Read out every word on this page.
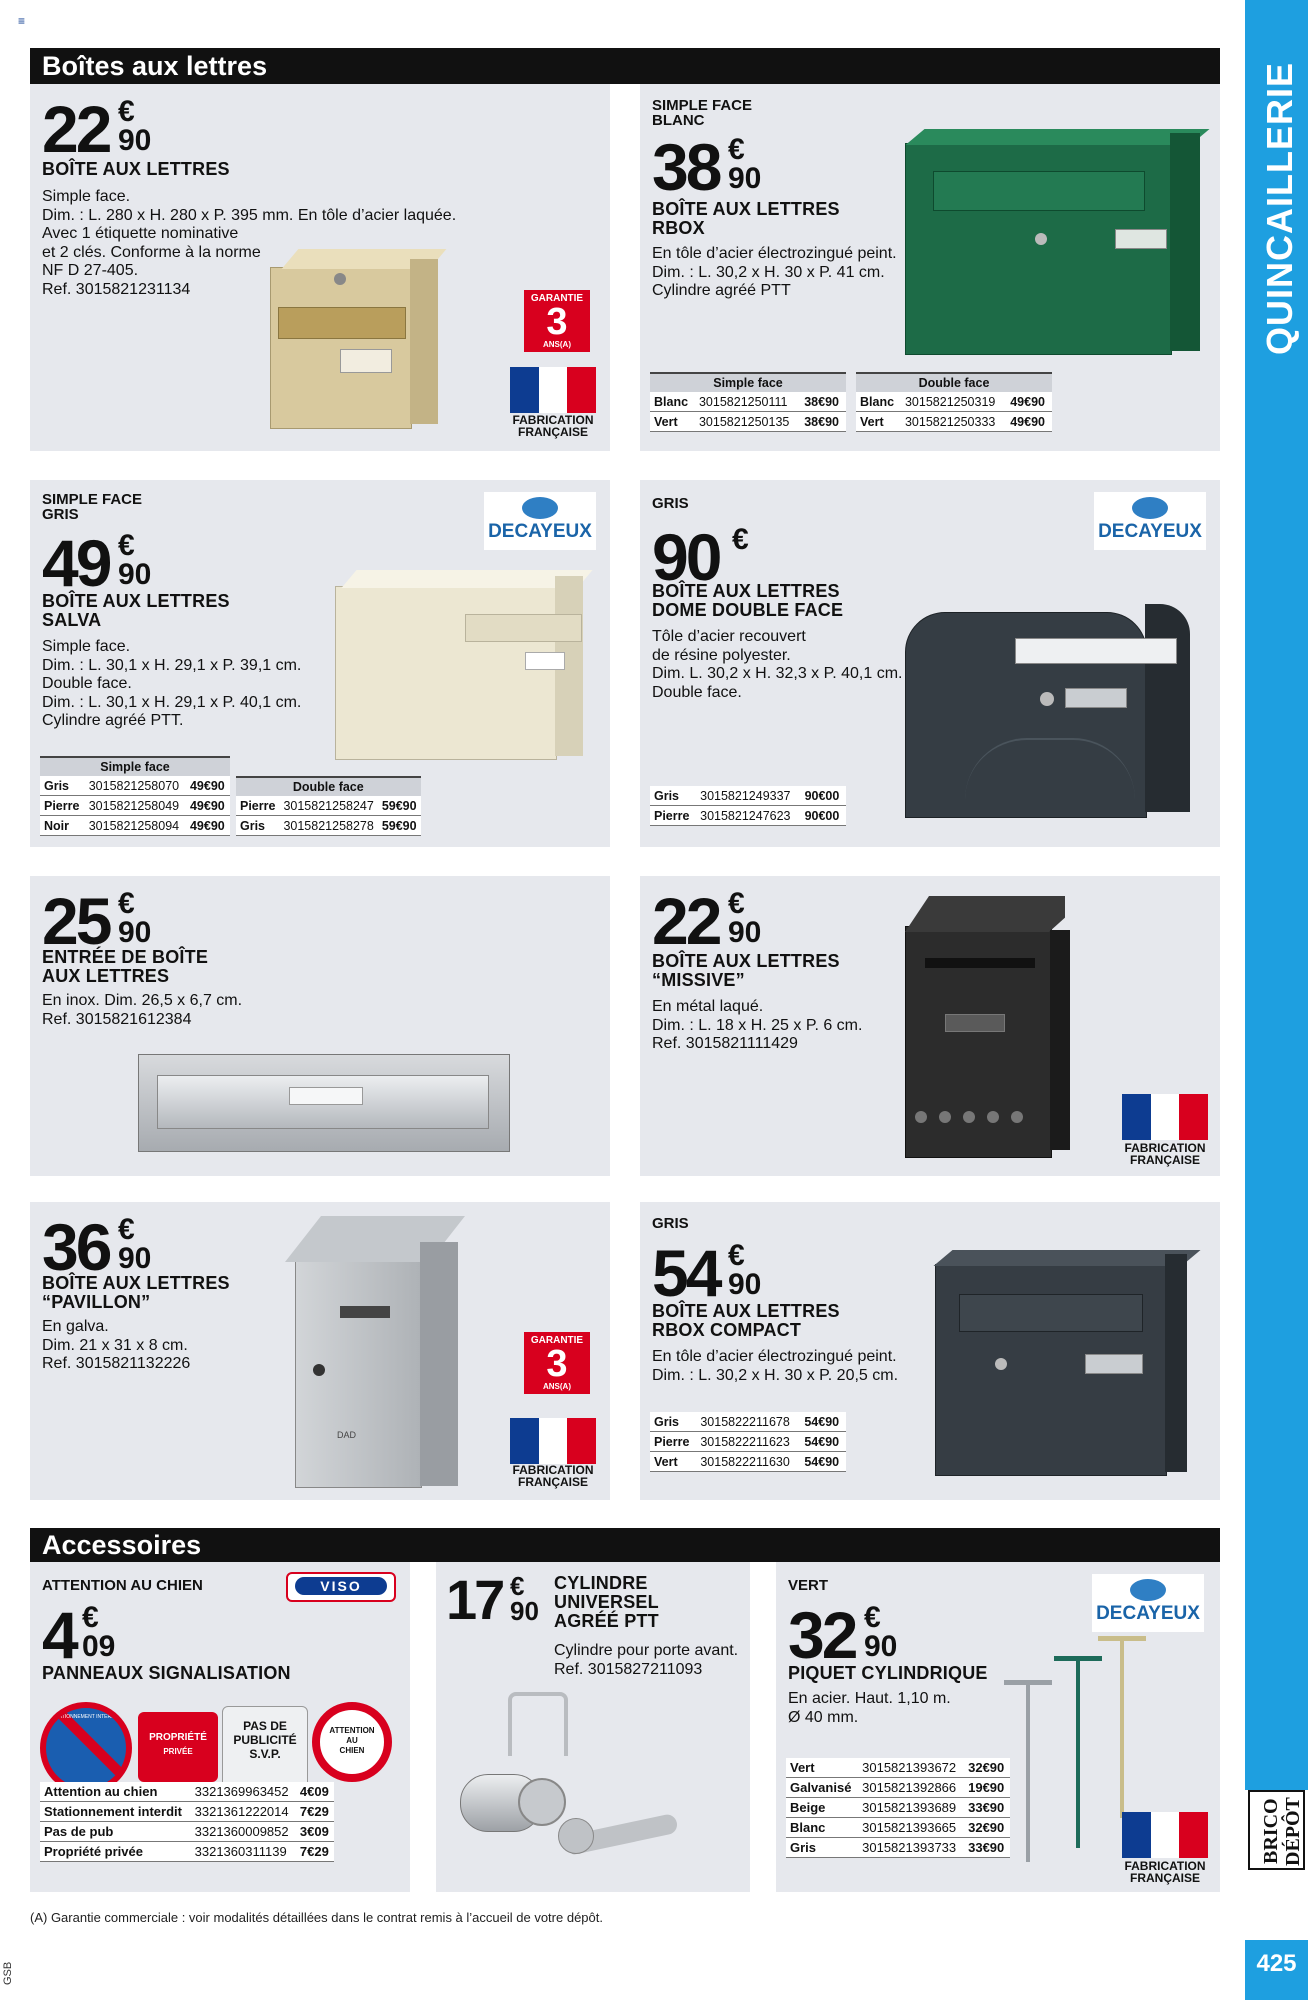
≡
BRICO DÉPÔT
425
GSB
Boîtes aux lettres
22 €
90
BOÎTE AUX LETTRES
Simple face.
Dim. : L. 280 x H. 280 x P. 395 mm. En tôle d’acier laquée.
Avec 1 étiquette nominative
et 2 clés. Conforme à la norme
NF D 27-405.
Ref. 3015821231134
GARANTIE
3
ANS(A)
FABRICATION
FRANÇAISE
SIMPLE FACE
BLANC
38 €
90
BOÎTE AUX LETTRES
RBOX
En tôle d’acier électrozingué peint.
Dim. : L. 30,2 x H. 30 x P. 41 cm.
Cylindre agréé PTT
Simple face		
Blanc	3015821250111	38€90
Vert	3015821250135	38€90
Double face		
Blanc	3015821250319	49€90
Vert	3015821250333	49€90
SIMPLE FACE
GRIS
49 €
90
BOÎTE AUX LETTRES
SALVA
Simple face.
Dim. : L. 30,1 x H. 29,1 x P. 39,1 cm.
Double face.
Dim. : L. 30,1 x H. 29,1 x P. 40,1 cm.
Cylindre agréé PTT.
DECAYEUX
Simple face		
Gris	3015821258070	49€90
Pierre	3015821258049	49€90
Noir	3015821258094	49€90
Double face		
Pierre	3015821258247	59€90
Gris	3015821258278	59€90
GRIS
90 €
BOÎTE AUX LETTRES
DOME DOUBLE FACE
Tôle d’acier recouvert
de résine polyester.
Dim. L. 30,2 x H. 32,3 x P. 40,1 cm.
Double face.
DECAYEUX
Gris	3015821249337	90€00
Pierre	3015821247623	90€00
25 €
90
ENTRÉE DE BOÎTE
AUX LETTRES
En inox. Dim. 26,5 x 6,7 cm.
Ref. 3015821612384
22 €
90
BOÎTE AUX LETTRES
“MISSIVE”
En métal laqué.
Dim. : L. 18 x H. 25 x P. 6 cm.
Ref. 3015821111429
FABRICATION
FRANÇAISE
36 €
90
BOÎTE AUX LETTRES
“PAVILLON”
En galva.
Dim. 21 x 31 x 8 cm.
Ref. 3015821132226
DAD
GARANTIE
3
ANS(A)
FABRICATION
FRANÇAISE
GRIS
54 €
90
BOÎTE AUX LETTRES
RBOX COMPACT
En tôle d’acier électrozingué peint.
Dim. : L. 30,2 x H. 30 x P. 20,5 cm.
Gris	3015822211678	54€90
Pierre	3015822211623	54€90
Vert	3015822211630	54€90
Accessoires
ATTENTION AU CHIEN	VISO
4 €
09
PANNEAUX SIGNALISATION
STATIONNEMENT INTERDIT
PROPRIÉTÉ
PRIVÉE
PAS DE
PUBLICITÉ
S.V.P.
ATTENTION
AU
CHIEN
Attention au chien	3321369963452	4€09
Stationnement interdit	3321361222014	7€29
Pas de pub	3321360009852	3€09
Propriété privée	3321360311139	7€29
17 €
90
CYLINDRE
UNIVERSEL
AGRÉÉ PTT
Cylindre pour porte avant.
Ref. 3015827211093
VERT
32 €
90
PIQUET CYLINDRIQUE
En acier. Haut. 1,10 m.
Ø 40 mm.
DECAYEUX
Vert	3015821393672	32€90
Galvanisé	3015821392866	19€90
Beige	3015821393689	33€90
Blanc	3015821393665	32€90
Gris	3015821393733	33€90
FABRICATION
FRANÇAISE
(A) Garantie commerciale : voir modalités détaillées dans le contrat remis à l’accueil de votre dépôt.
